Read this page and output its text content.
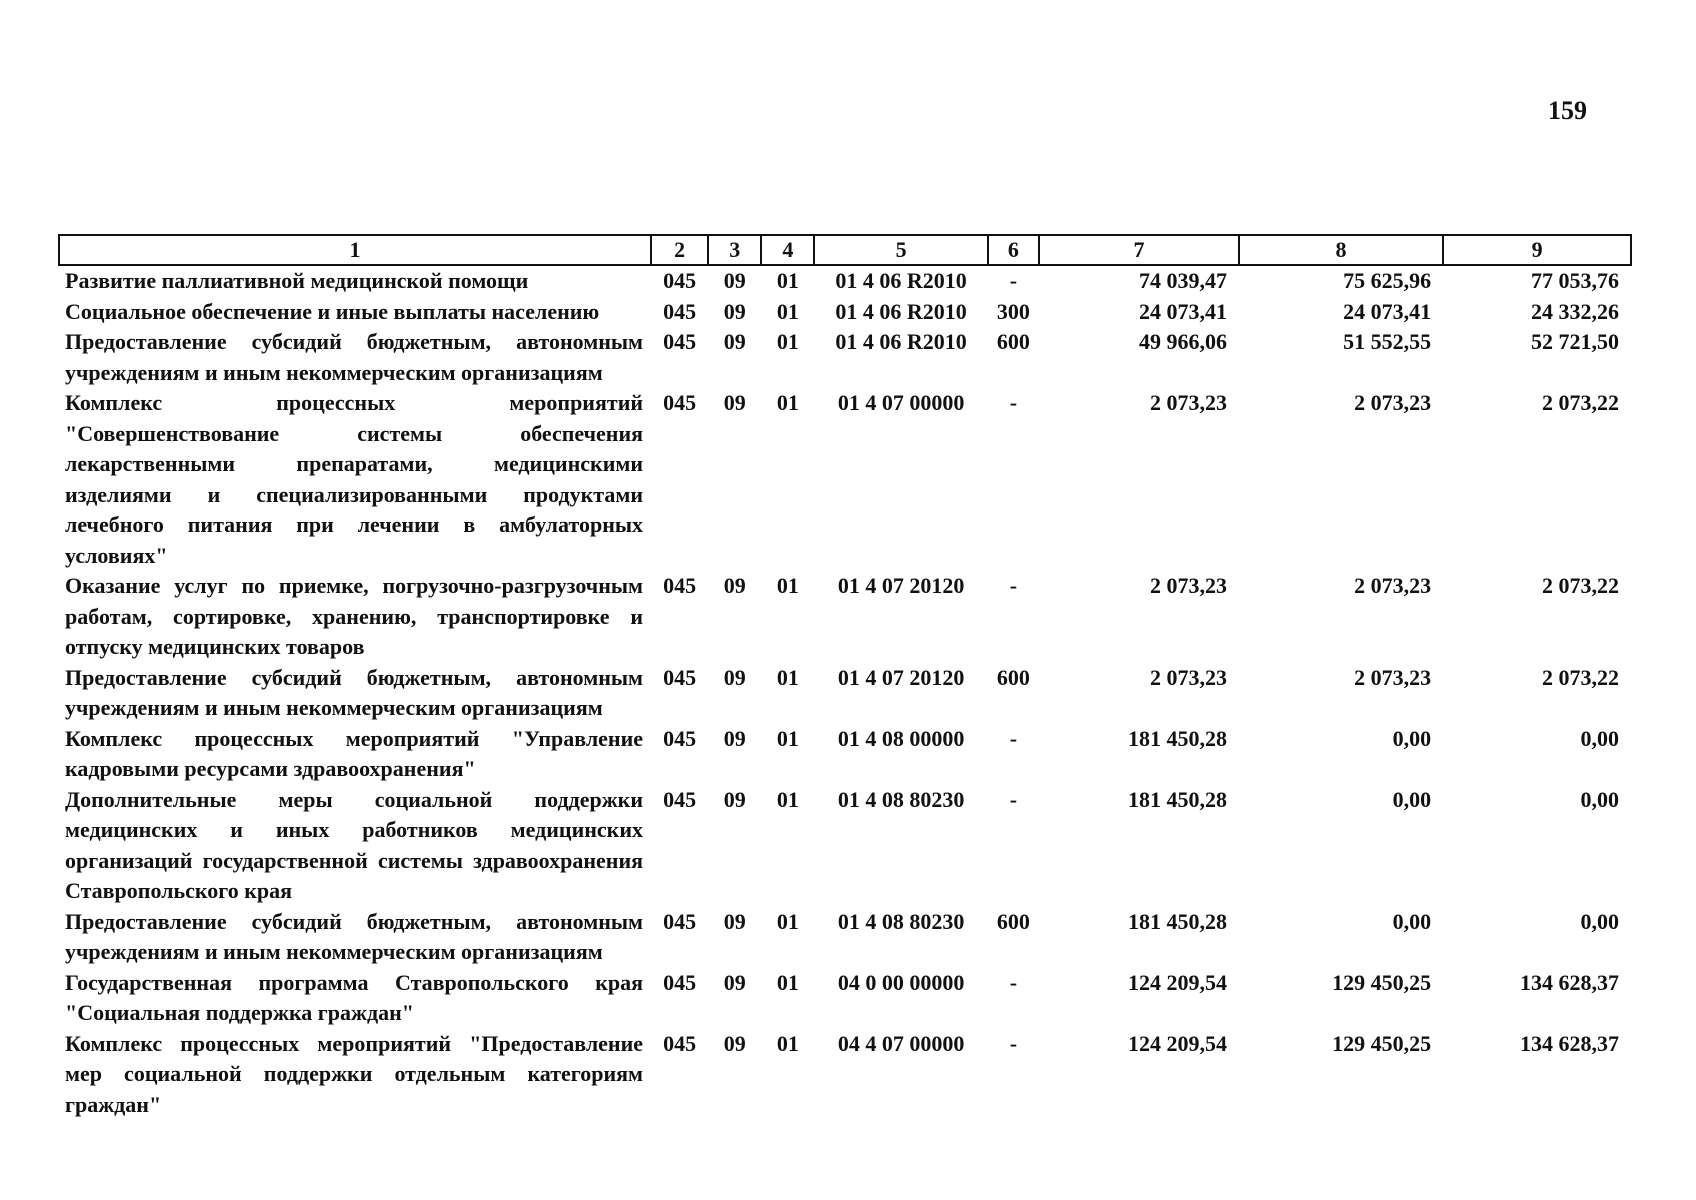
159
1	2	3	4	5	6	7	8	9
Развитие паллиативной медицинской помощи	045	09	01	01 4 06 R2010	-	74 039,47	75 625,96	77 053,76
Социальное обеспечение и иные выплаты населению	045	09	01	01 4 06 R2010	300	24 073,41	24 073,41	24 332,26
Предоставление субсидий бюджетным, автономным учреждениям и иным некоммерческим организациям	045	09	01	01 4 06 R2010	600	49 966,06	51 552,55	52 721,50
Комплекс процессных мероприятий "Совершенствование системы обеспечения лекарственными препаратами, медицинскими изделиями и специализированными продуктами лечебного питания при лечении в амбулаторных условиях"	045	09	01	01 4 07 00000	-	2 073,23	2 073,23	2 073,22
Оказание услуг по приемке, погрузочно-разгрузочным работам, сортировке, хранению, транспортировке и отпуску медицинских товаров	045	09	01	01 4 07 20120	-	2 073,23	2 073,23	2 073,22
Предоставление субсидий бюджетным, автономным учреждениям и иным некоммерческим организациям	045	09	01	01 4 07 20120	600	2 073,23	2 073,23	2 073,22
Комплекс процессных мероприятий "Управление кадровыми ресурсами здравоохранения"	045	09	01	01 4 08 00000	-	181 450,28	0,00	0,00
Дополнительные меры социальной поддержки медицинских и иных работников медицинских организаций государственной системы здравоохранения Ставропольского края	045	09	01	01 4 08 80230	-	181 450,28	0,00	0,00
Предоставление субсидий бюджетным, автономным учреждениям и иным некоммерческим организациям	045	09	01	01 4 08 80230	600	181 450,28	0,00	0,00
Государственная программа Ставропольского края "Социальная поддержка граждан"	045	09	01	04 0 00 00000	-	124 209,54	129 450,25	134 628,37
Комплекс процессных мероприятий "Предоставление мер социальной поддержки отдельным категориям граждан"	045	09	01	04 4 07 00000	-	124 209,54	129 450,25	134 628,37
